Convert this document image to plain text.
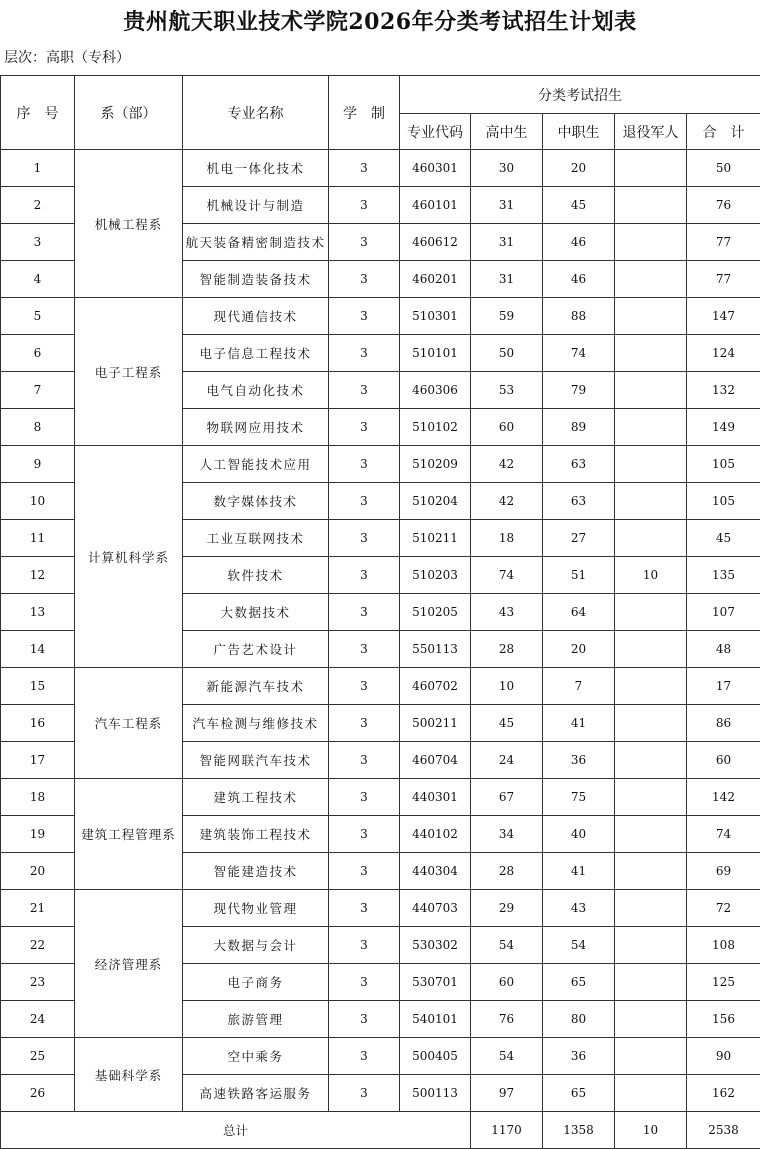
贵州航天职业技术学院2026年分类考试招生计划表
层次：高职（专科）
序　号	系（部）	专业名称	学　制	分类考试招生				
				专业代码	高中生	中职生	退役军人	合　计
1	机械工程系	机电一体化技术	3	460301	30	20		50
2		机械设计与制造	3	460101	31	45		76
3		航天装备精密制造技术	3	460612	31	46		77
4		智能制造装备技术	3	460201	31	46		77
5	电子工程系	现代通信技术	3	510301	59	88		147
6		电子信息工程技术	3	510101	50	74		124
7		电气自动化技术	3	460306	53	79		132
8		物联网应用技术	3	510102	60	89		149
9	计算机科学系	人工智能技术应用	3	510209	42	63		105
10		数字媒体技术	3	510204	42	63		105
11		工业互联网技术	3	510211	18	27		45
12		软件技术	3	510203	74	51	10	135
13		大数据技术	3	510205	43	64		107
14		广告艺术设计	3	550113	28	20		48
15	汽车工程系	新能源汽车技术	3	460702	10	7		17
16		汽车检测与维修技术	3	500211	45	41		86
17		智能网联汽车技术	3	460704	24	36		60
18	建筑工程管理系	建筑工程技术	3	440301	67	75		142
19		建筑装饰工程技术	3	440102	34	40		74
20		智能建造技术	3	440304	28	41		69
21	经济管理系	现代物业管理	3	440703	29	43		72
22		大数据与会计	3	530302	54	54		108
23		电子商务	3	530701	60	65		125
24		旅游管理	3	540101	76	80		156
25	基础科学系	空中乘务	3	500405	54	36		90
26		高速铁路客运服务	3	500113	97	65		162
总计					1170	1358	10	2538
